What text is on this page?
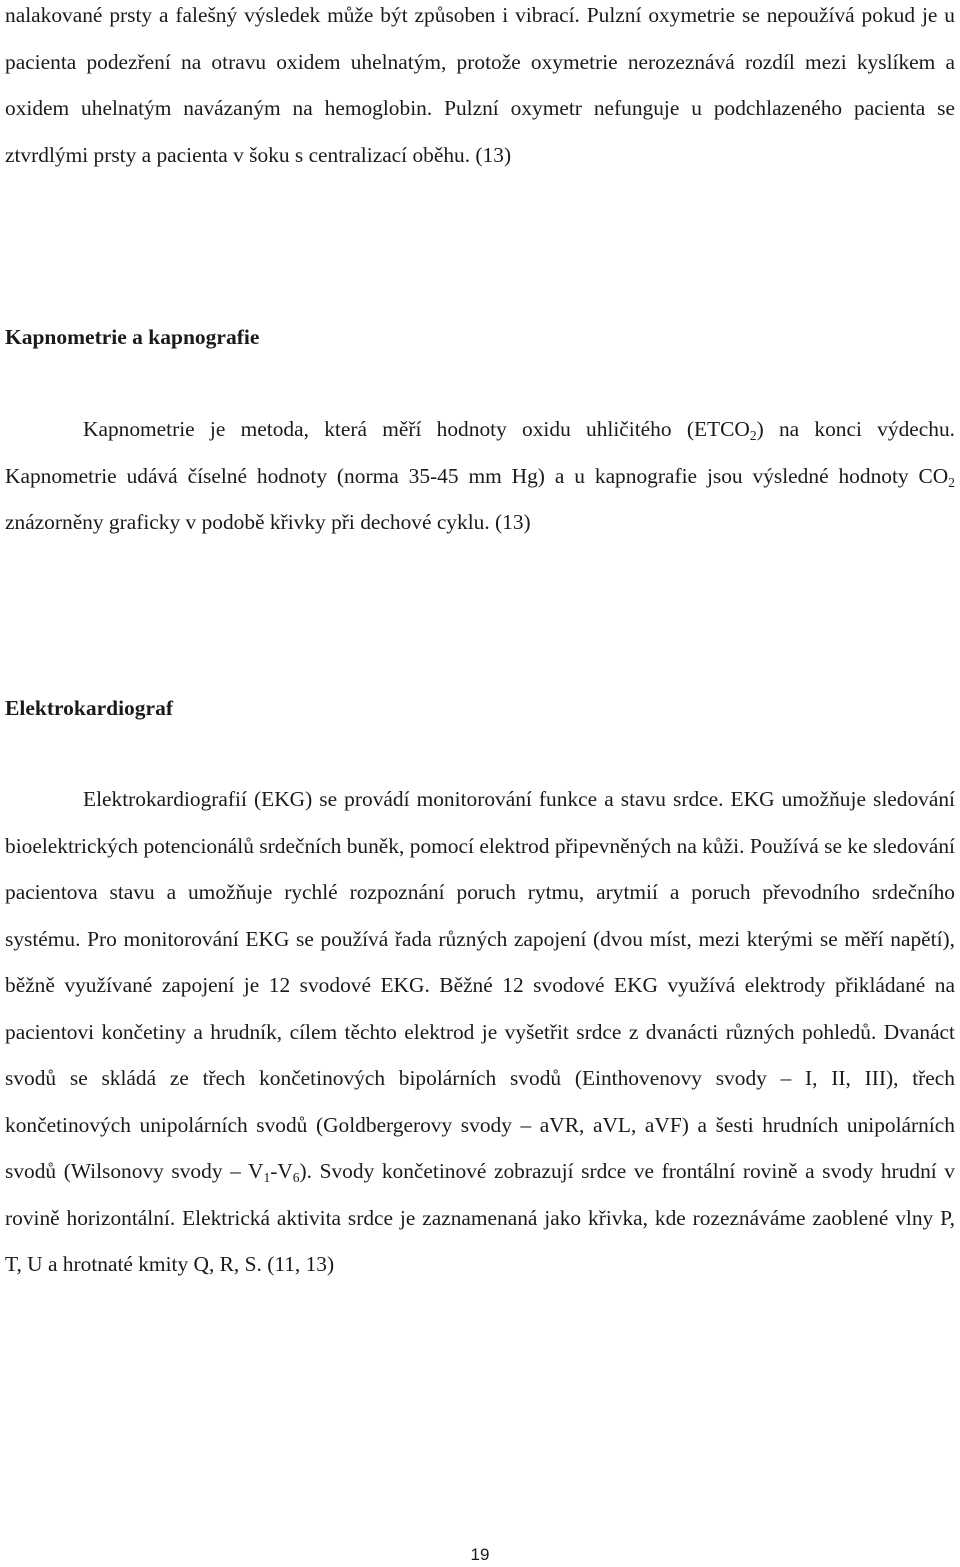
nalakované prsty a falešný výsledek může být způsoben i vibrací. Pulzní oxymetrie se nepoužívá pokud je u pacienta podezření na otravu oxidem uhelnatým, protože oxymetrie nerozeznává rozdíl mezi kyslíkem a oxidem uhelnatým navázaným na hemoglobin. Pulzní oxymetr nefunguje u podchlazeného pacienta se ztvrdlými prsty a pacienta v šoku s centralizací oběhu. (13)

Kapnometrie a kapnografie

Kapnometrie je metoda, která měří hodnoty oxidu uhličitého $(ETCO_2)$ na konci výdechu. Kapnometrie udává číselné hodnoty (norma 35-45 mm Hg) a u kapnografie jsou výsledné hodnoty $CO_2$ znázorněny graficky v podobě křivky při dechové cyklu. (13)

Elektrokardiograf

Elektrokardiografií (EKG) se provádí monitorování funkce a stavu srdce. EKG umožňuje sledování bioelektrických potencionálů srdečních buněk, pomocí elektrod připevněných na kůži. Používá se ke sledování pacientova stavu a umožňuje rychlé rozpoznání poruch rytmu, arytmií a poruch převodního srdečního systému. Pro monitorování EKG se používá řada různých zapojení (dvou míst, mezi kterými se měří napětí), běžně využívané zapojení je 12 svodové EKG. Běžné 12 svodové EKG využívá elektrody přikládané na pacientovi končetiny a hrudník, cílem těchto elektrod je vyšetřit srdce z dvanácti různých pohledů. Dvanáct svodů se skládá ze třech končetinových bipolárních svodů (Einthovenovy svody – I, II, III), třech končetinových unipolárních svodů (Goldbergerovy svody – aVR, aVL, aVF) a šesti hrudních unipolárních svodů (Wilsonovy svody – $V_1-V_6$). Svody končetinové zobrazují srdce ve frontální rovině a svody hrudní v rovině horizontální. Elektrická aktivita srdce je zaznamenaná jako křivka, kde rozeznáváme zaoblené vlny P, T, U a hrotnaté kmity Q, R, S. (11, 13)

19
